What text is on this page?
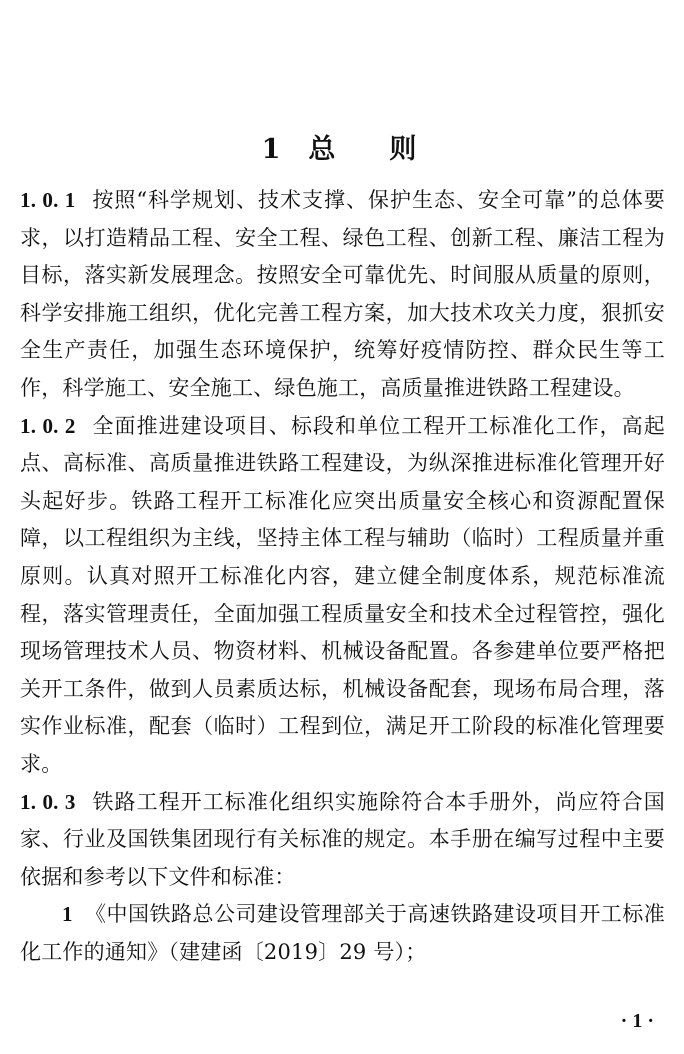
1 总 则

1. 0. 1 按照“科学规划、技术支撑、保护生态、安全可靠”的总体要求，以打造精品工程、安全工程、绿色工程、创新工程、廉洁工程为目标，落实新发展理念。按照安全可靠优先、时间服从质量的原则，科学安排施工组织，优化完善工程方案，加大技术攻关力度，狠抓安全生产责任，加强生态环境保护，统筹好疫情防控、群众民生等工作，科学施工、安全施工、绿色施工，高质量推进铁路工程建设。

1. 0. 2 全面推进建设项目、标段和单位工程开工标准化工作，高起点、高标准、高质量推进铁路工程建设，为纵深推进标准化管理开好头起好步。铁路工程开工标准化应突出质量安全核心和资源配置保障，以工程组织为主线，坚持主体工程与辅助（临时）工程质量并重原则。认真对照开工标准化内容，建立健全制度体系，规范标准流程，落实管理责任，全面加强工程质量安全和技术全过程管控，强化现场管理技术人员、物资材料、机械设备配置。各参建单位要严格把关开工条件，做到人员素质达标，机械设备配套，现场布局合理，落实作业标准，配套（临时）工程到位，满足开工阶段的标准化管理要求。

1. 0. 3 铁路工程开工标准化组织实施除符合本手册外，尚应符合国家、行业及国铁集团现行有关标准的规定。本手册在编写过程中主要依据和参考以下文件和标准：

1 《中国铁路总公司建设管理部关于高速铁路建设项目开工标准化工作的通知》（建建函〔2019〕29 号）；

· 1 ·
